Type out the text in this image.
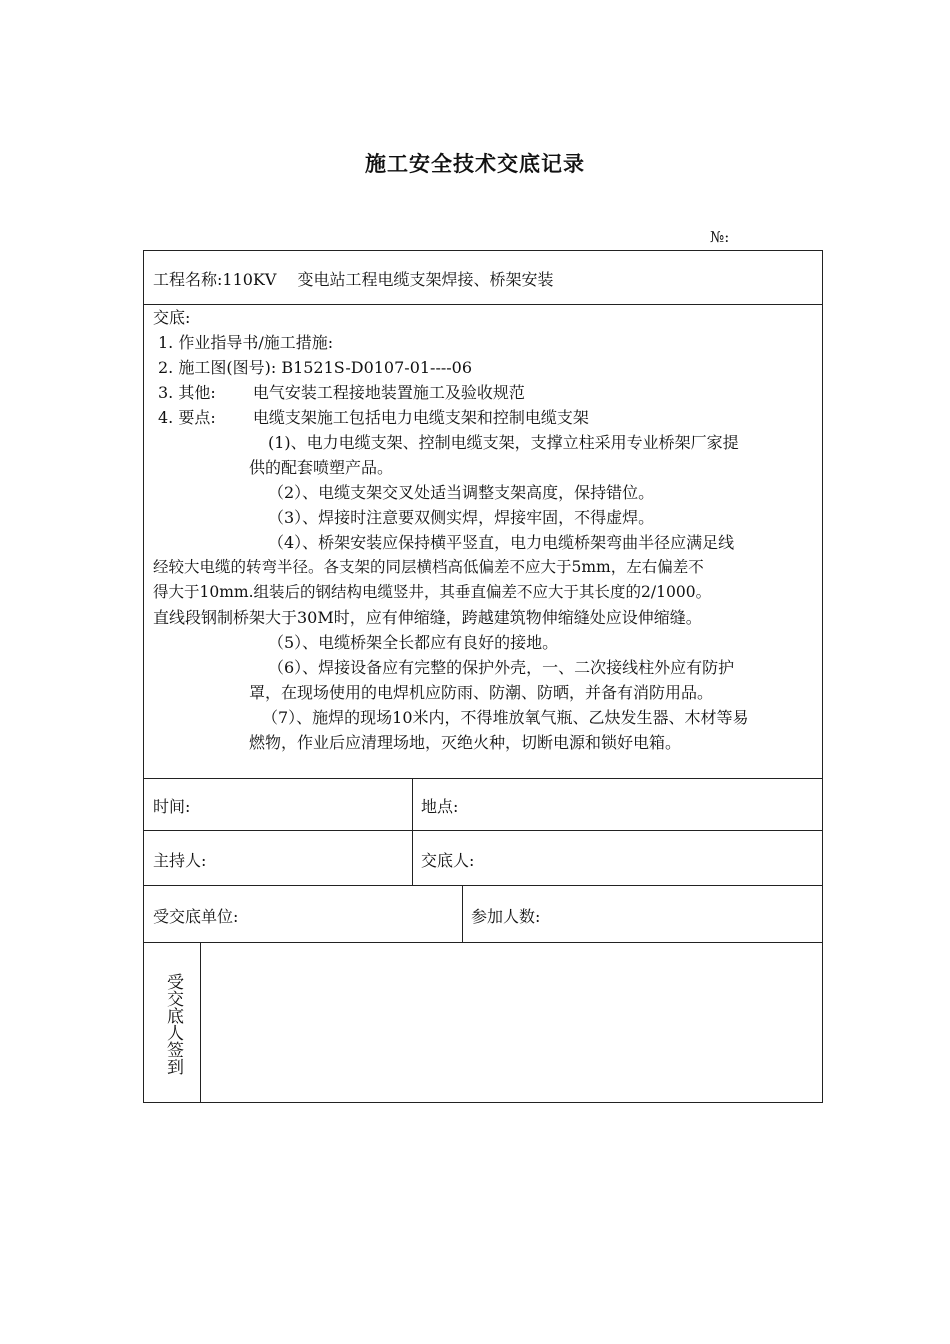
施工安全技术交底记录
№:
工程名称:110KV　 变电站工程电缆支架焊接、桥架安装
交底:
1. 作业指导书/施工措施:
2. 施工图(图号): B1521S-D0107-01----06
3. 其他:　　 电气安装工程接地装置施工及验收规范
4. 要点:　　 电缆支架施工包括电力电缆支架和控制电缆支架
(1)、电力电缆支架、控制电缆支架，支撑立柱采用专业桥架厂家提
供的配套喷塑产品。
（2）、电缆支架交叉处适当调整支架高度，保持错位。
（3）、焊接时注意要双侧实焊，焊接牢固，不得虚焊。
（4）、桥架安装应保持横平竖直，电力电缆桥架弯曲半径应满足线
经较大电缆的转弯半径。各支架的同层横档高低偏差不应大于5mm，左右偏差不
得大于10mm.组装后的钢结构电缆竖井，其垂直偏差不应大于其长度的2/1000。
直线段钢制桥架大于30M时，应有伸缩缝，跨越建筑物伸缩缝处应设伸缩缝。
（5）、电缆桥架全长都应有良好的接地。
（6）、焊接设备应有完整的保护外壳，一、二次接线柱外应有防护
罩，在现场使用的电焊机应防雨、防潮、防晒，并备有消防用品。
（7）、施焊的现场10米内，不得堆放氧气瓶、乙炔发生器、木材等易
燃物，作业后应清理场地，灭绝火种，切断电源和锁好电箱。
时间:	地点:
主持人:	交底人:
受交底单位:	参加人数:
受交底人签到
